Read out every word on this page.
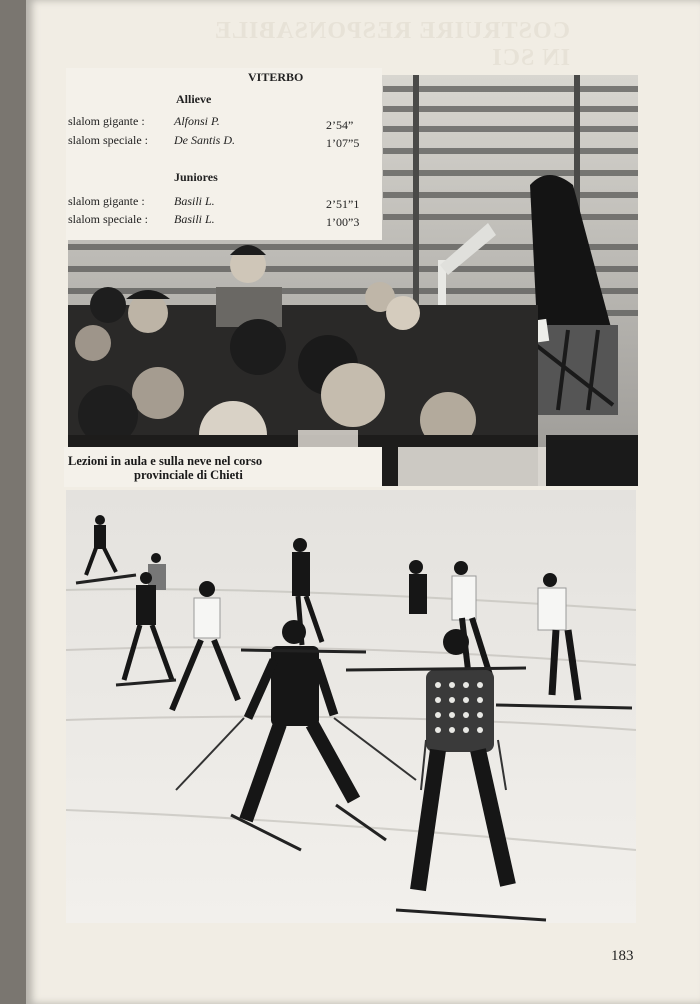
COSTRUIRE RESPONSABILE IN SCI
VITERBO
Allieve
slalom gigante : Alfonsi P.	2’54”
slalom speciale : De Santis D.	1’07”5
Juniores
slalom gigante : Basili L.	2’51”1
slalom speciale : Basili L.	1’00”3
Lezioni in aula e sulla neve nel corso
provinciale di Chieti
183
